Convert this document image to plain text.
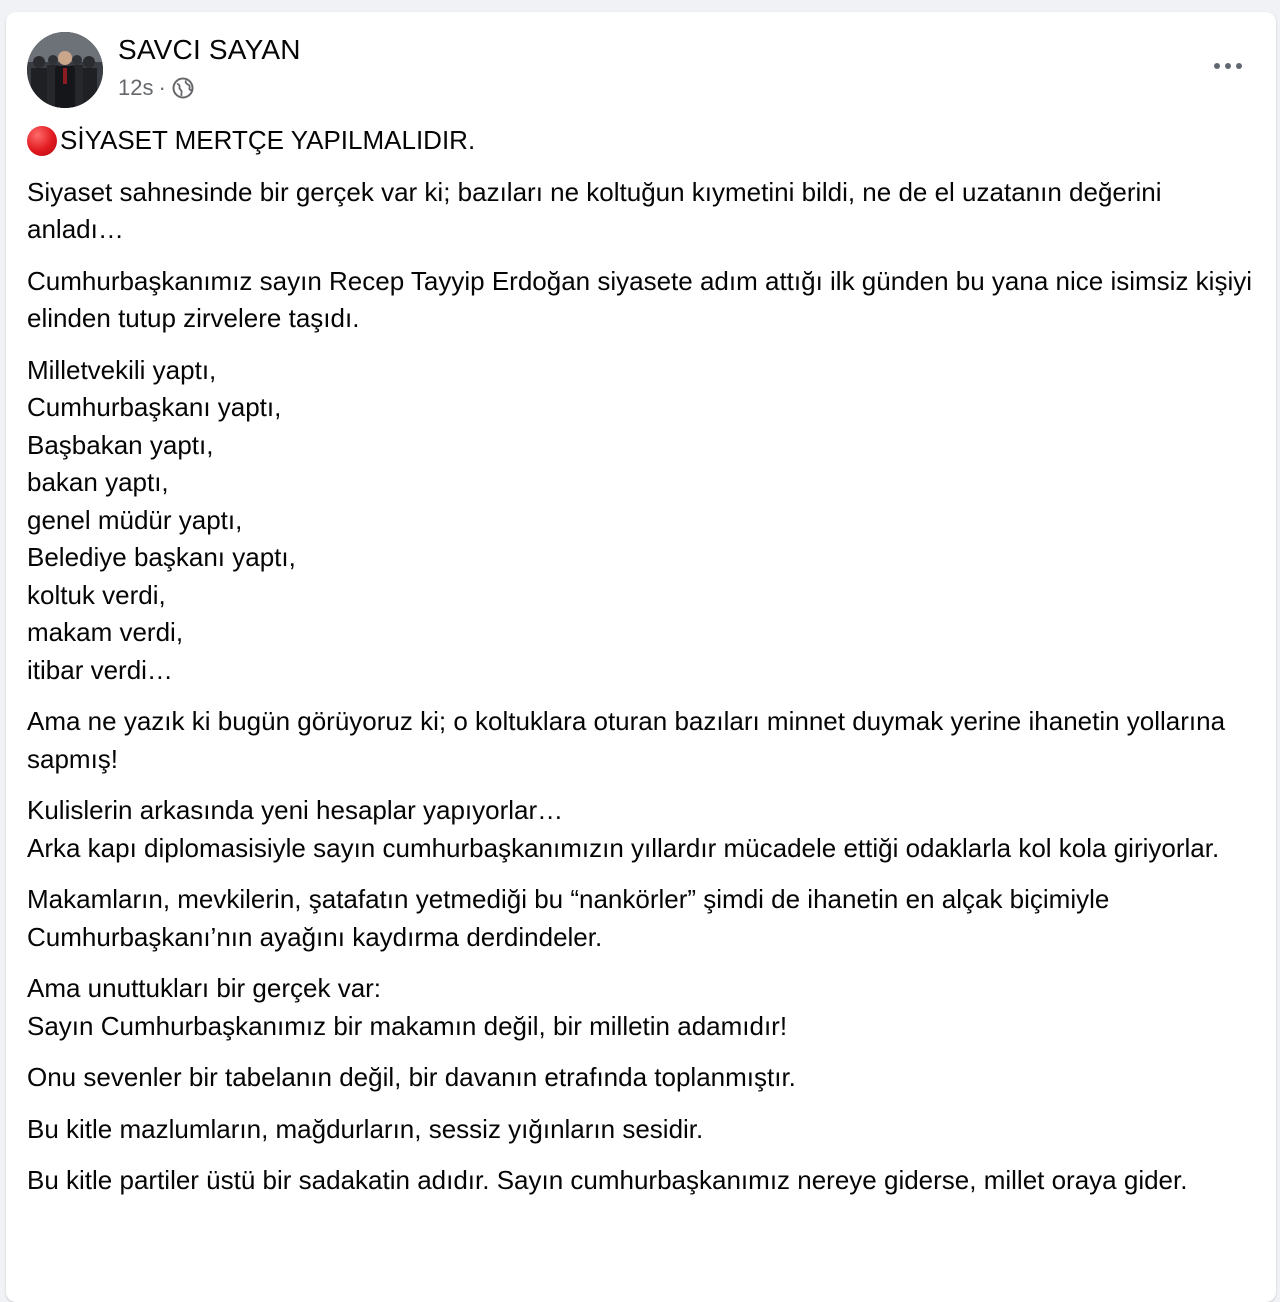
SAVCI SAYAN
12s ·

SİYASET MERTÇE YAPILMALIDIR.

Siyaset sahnesinde bir gerçek var ki; bazıları ne koltuğun kıymetini bildi, ne de el uzatanın değerini anladı…

Cumhurbaşkanımız sayın Recep Tayyip Erdoğan siyasete adım attığı ilk günden bu yana nice isimsiz kişiyi elinden tutup zirvelere taşıdı.

Milletvekili yaptı,
Cumhurbaşkanı yaptı,
Başbakan yaptı,
bakan yaptı,
genel müdür yaptı,
Belediye başkanı yaptı,
koltuk verdi,
makam verdi,
itibar verdi…

Ama ne yazık ki bugün görüyoruz ki; o koltuklara oturan bazıları minnet duymak yerine ihanetin yollarına sapmış!

Kulislerin arkasında yeni hesaplar yapıyorlar…
Arka kapı diplomasisiyle sayın cumhurbaşkanımızın yıllardır mücadele ettiği odaklarla kol kola giriyorlar.

Makamların, mevkilerin, şatafatın yetmediği bu “nankörler” şimdi de ihanetin en alçak biçimiyle Cumhurbaşkanı’nın ayağını kaydırma derdindeler.

Ama unuttukları bir gerçek var:
Sayın Cumhurbaşkanımız bir makamın değil, bir milletin adamıdır!

Onu sevenler bir tabelanın değil, bir davanın etrafında toplanmıştır.

Bu kitle mazlumların, mağdurların, sessiz yığınların sesidir.

Bu kitle partiler üstü bir sadakatin adıdır. Sayın cumhurbaşkanımız nereye giderse, millet oraya gider.
